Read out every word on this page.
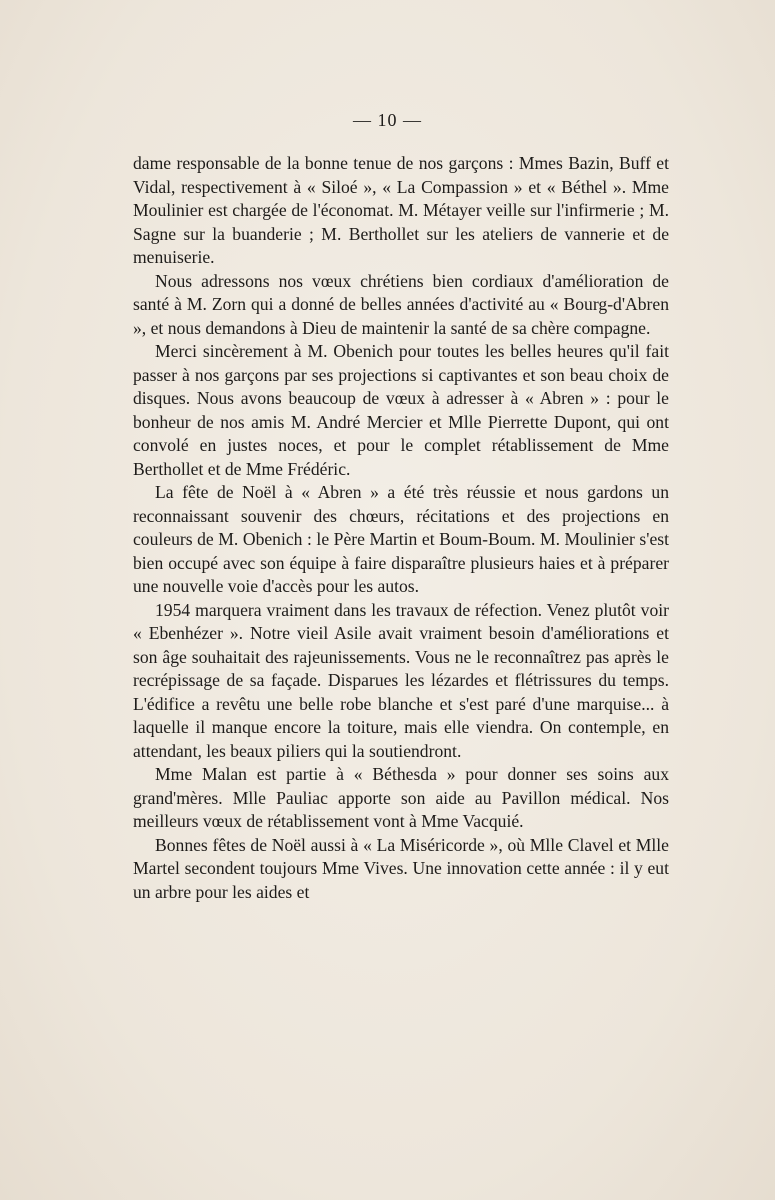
— 10 —

dame responsable de la bonne tenue de nos garçons : Mmes Bazin, Buff et Vidal, respectivement à « Siloé », « La Compassion » et « Béthel ». Mme Moulinier est chargée de l'économat. M. Métayer veille sur l'infirmerie ; M. Sagne sur la buanderie ; M. Berthollet sur les ateliers de vannerie et de menuiserie.

Nous adressons nos vœux chrétiens bien cordiaux d'amélioration de santé à M. Zorn qui a donné de belles années d'activité au « Bourg-d'Abren », et nous demandons à Dieu de maintenir la santé de sa chère compagne.

Merci sincèrement à M. Obenich pour toutes les belles heures qu'il fait passer à nos garçons par ses projections si captivantes et son beau choix de disques. Nous avons beaucoup de vœux à adresser à « Abren » : pour le bonheur de nos amis M. André Mercier et Mlle Pierrette Dupont, qui ont convolé en justes noces, et pour le complet rétablissement de Mme Berthollet et de Mme Frédéric.

La fête de Noël à « Abren » a été très réussie et nous gardons un reconnaissant souvenir des chœurs, récitations et des projections en couleurs de M. Obenich : le Père Martin et Boum-Boum. M. Moulinier s'est bien occupé avec son équipe à faire disparaître plusieurs haies et à préparer une nouvelle voie d'accès pour les autos.

1954 marquera vraiment dans les travaux de réfection. Venez plutôt voir « Ebenhézer ». Notre vieil Asile avait vraiment besoin d'améliorations et son âge souhaitait des rajeunissements. Vous ne le reconnaîtrez pas après le recrépissage de sa façade. Disparues les lézardes et flétrissures du temps. L'édifice a revêtu une belle robe blanche et s'est paré d'une marquise... à laquelle il manque encore la toiture, mais elle viendra. On contemple, en attendant, les beaux piliers qui la soutiendront.

Mme Malan est partie à « Béthesda » pour donner ses soins aux grand'mères. Mlle Pauliac apporte son aide au Pavillon médical. Nos meilleurs vœux de rétablissement vont à Mme Vacquié.

Bonnes fêtes de Noël aussi à « La Miséricorde », où Mlle Clavel et Mlle Martel secondent toujours Mme Vives. Une innovation cette année : il y eut un arbre pour les aides et
